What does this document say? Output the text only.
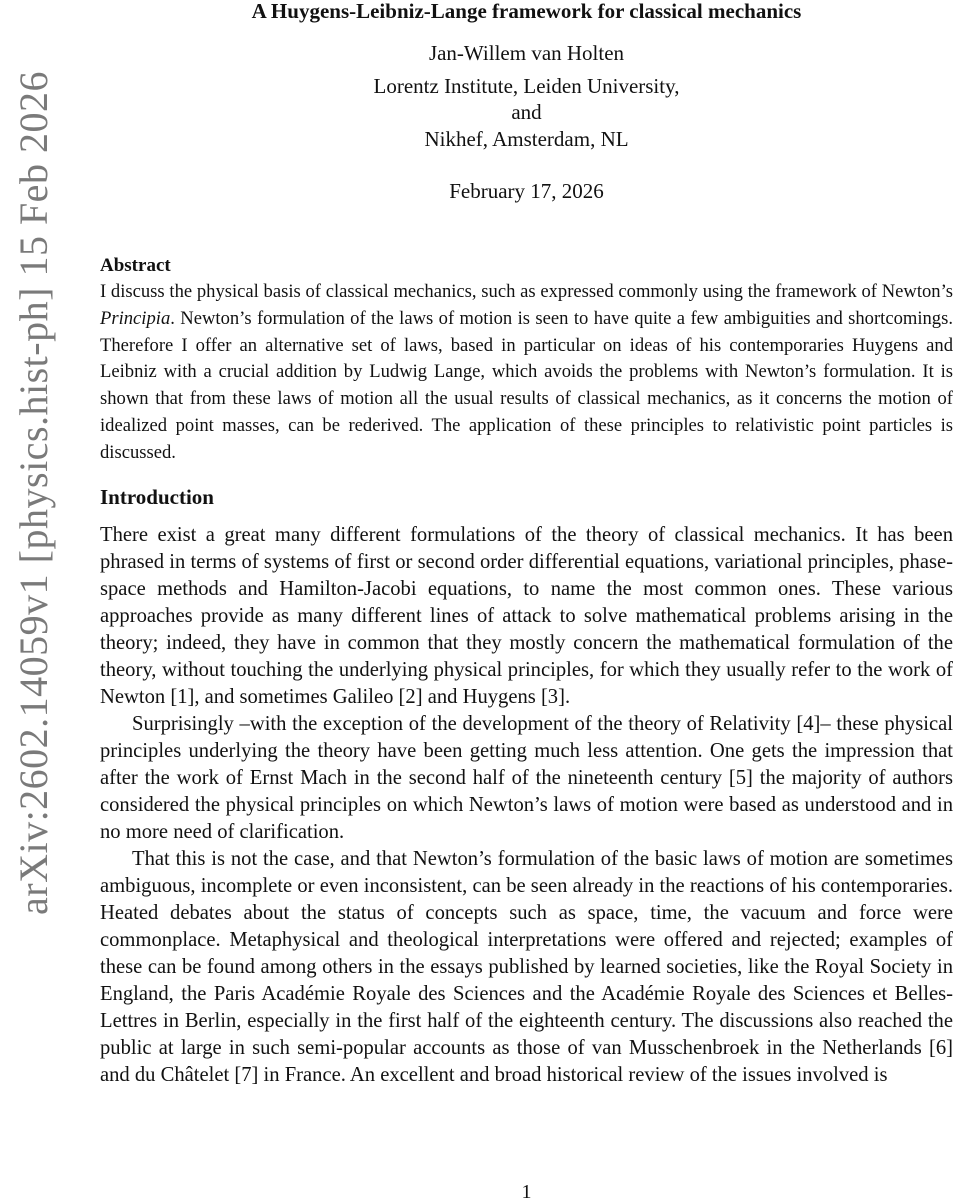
arXiv:2602.14059v1 [physics.hist-ph] 15 Feb 2026
A Huygens-Leibniz-Lange framework for classical mechanics
Jan-Willem van Holten
Lorentz Institute, Leiden University,
and
Nikhef, Amsterdam, NL
February 17, 2026
Abstract
I discuss the physical basis of classical mechanics, such as expressed commonly using the framework of Newton’s Principia. Newton’s formulation of the laws of motion is seen to have quite a few ambiguities and shortcomings. Therefore I offer an alternative set of laws, based in particular on ideas of his contemporaries Huygens and Leibniz with a crucial addition by Ludwig Lange, which avoids the problems with Newton’s formulation. It is shown that from these laws of motion all the usual results of classical mechanics, as it concerns the motion of idealized point masses, can be rederived. The application of these principles to relativistic point particles is discussed.
Introduction

There exist a great many different formulations of the theory of classical mechanics. It has been phrased in terms of systems of first or second order differential equations, variational principles, phase-space methods and Hamilton-Jacobi equations, to name the most common ones. These various approaches provide as many different lines of attack to solve mathematical problems arising in the theory; indeed, they have in common that they mostly concern the mathematical formulation of the theory, without touching the underlying physical principles, for which they usually refer to the work of Newton [1], and sometimes Galileo [2] and Huygens [3].

Surprisingly –with the exception of the development of the theory of Relativity [4]– these physical principles underlying the theory have been getting much less attention. One gets the impression that after the work of Ernst Mach in the second half of the nineteenth century [5] the majority of authors considered the physical principles on which Newton’s laws of motion were based as understood and in no more need of clarification.

That this is not the case, and that Newton’s formulation of the basic laws of motion are sometimes ambiguous, incomplete or even inconsistent, can be seen already in the reactions of his contemporaries. Heated debates about the status of concepts such as space, time, the vacuum and force were commonplace. Metaphysical and theological interpretations were offered and rejected; examples of these can be found among others in the essays published by learned societies, like the Royal Society in England, the Paris Académie Royale des Sciences and the Académie Royale des Sciences et Belles-Lettres in Berlin, especially in the first half of the eighteenth century. The discussions also reached the public at large in such semi-popular accounts as those of van Musschenbroek in the Netherlands [6] and du Châtelet [7] in France. An excellent and broad historical review of the issues involved is

1
